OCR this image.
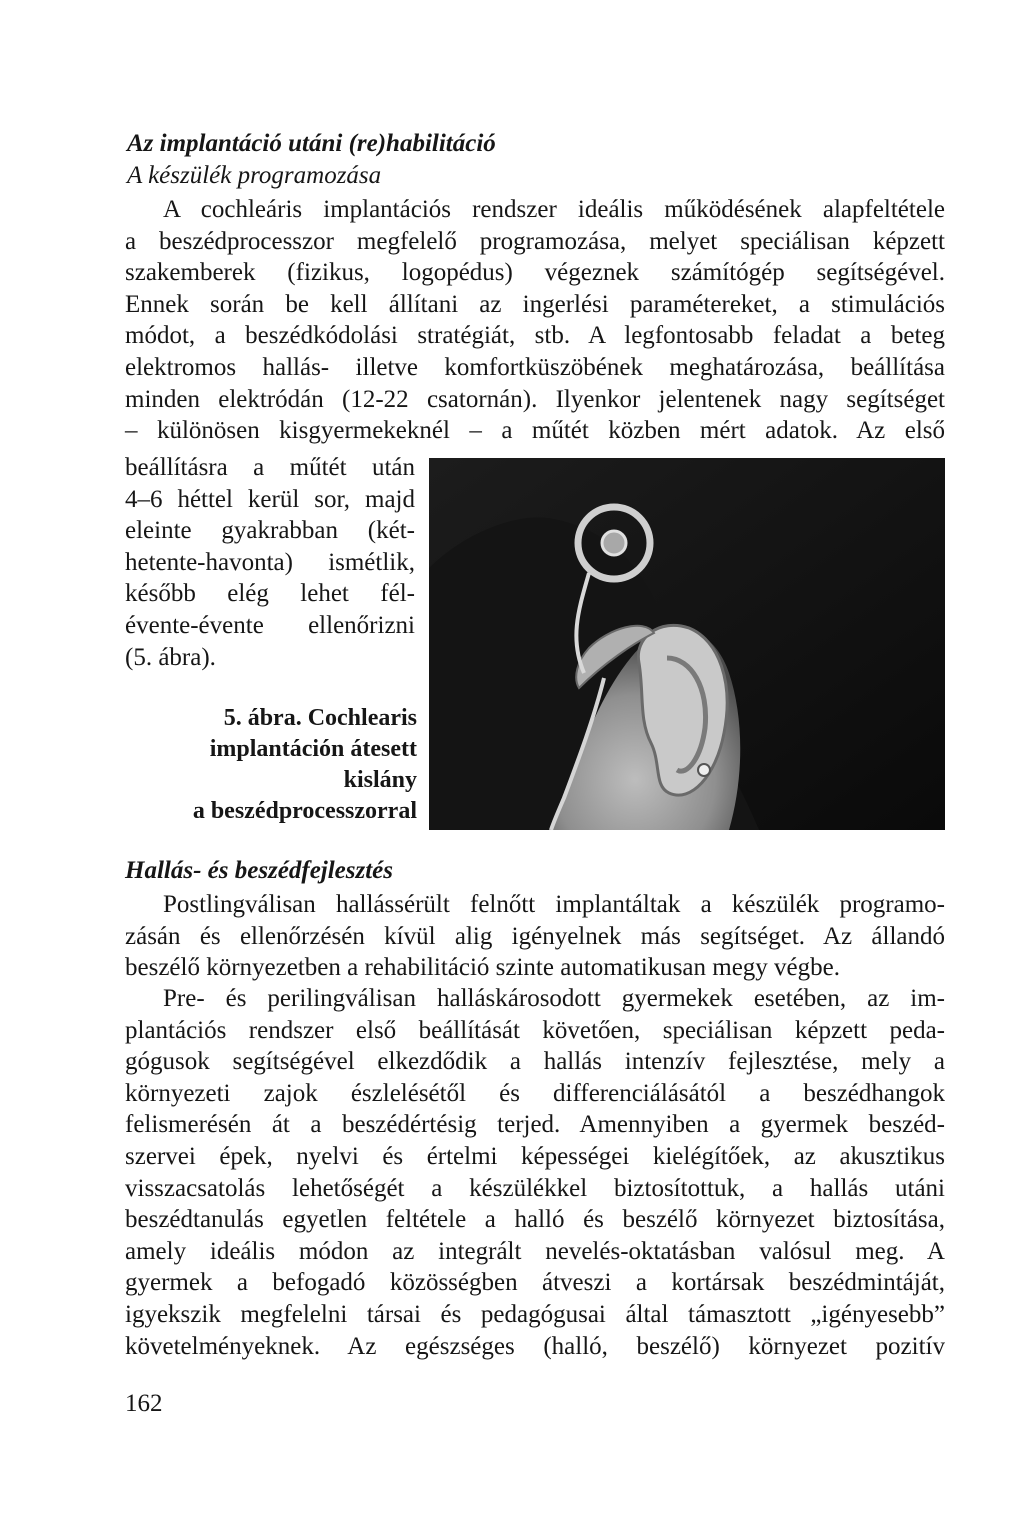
Az implantáció utáni (re)habilitáció
A készülék programozása
A cochleáris implantációs rendszer ideális működésének alapfeltétele
a beszédprocesszor megfelelő programozása, melyet speciálisan képzett
szakemberek (fizikus, logopédus) végeznek számítógép segítségével.
Ennek során be kell állítani az ingerlési paramétereket, a stimulációs
módot, a beszédkódolási stratégiát, stb. A legfontosabb feladat a beteg
elektromos hallás- illetve komfortküszöbének meghatározása, beállítása
minden elektródán (12-22 csatornán). Ilyenkor jelentenek nagy segítséget
– különösen kisgyermekeknél – a műtét közben mért adatok. Az első
beállításra a műtét után
4–6 héttel kerül sor, majd
eleinte gyakrabban (két-
hetente-havonta) ismétlik,
később elég lehet fél-
évente-évente ellenőrizni
(5. ábra).
5. ábra. Cochlearis
implantáción átesett
kislány
a beszédprocesszorral
Hallás- és beszédfejlesztés
Postlingválisan hallássérült felnőtt implantáltak a készülék programo-
zásán és ellenőrzésén kívül alig igényelnek más segítséget. Az állandó
beszélő környezetben a rehabilitáció szinte automatikusan megy végbe.
Pre- és perilingválisan halláskárosodott gyermekek esetében, az im-
plantációs rendszer első beállítását követően, speciálisan képzett peda-
gógusok segítségével elkezdődik a hallás intenzív fejlesztése, mely a
környezeti zajok észlelésétől és differenciálásától a beszédhangok
felismerésén át a beszédértésig terjed. Amennyiben a gyermek beszéd-
szervei épek, nyelvi és értelmi képességei kielégítőek, az akusztikus
visszacsatolás lehetőségét a készülékkel biztosítottuk, a hallás utáni
beszédtanulás egyetlen feltétele a halló és beszélő környezet biztosítása,
amely ideális módon az integrált nevelés-oktatásban valósul meg. A
gyermek a befogadó közösségben átveszi a kortársak beszédmintáját,
igyekszik megfelelni társai és pedagógusai által támasztott „igényesebb”
követelményeknek. Az egészséges (halló, beszélő) környezet pozitív
162
